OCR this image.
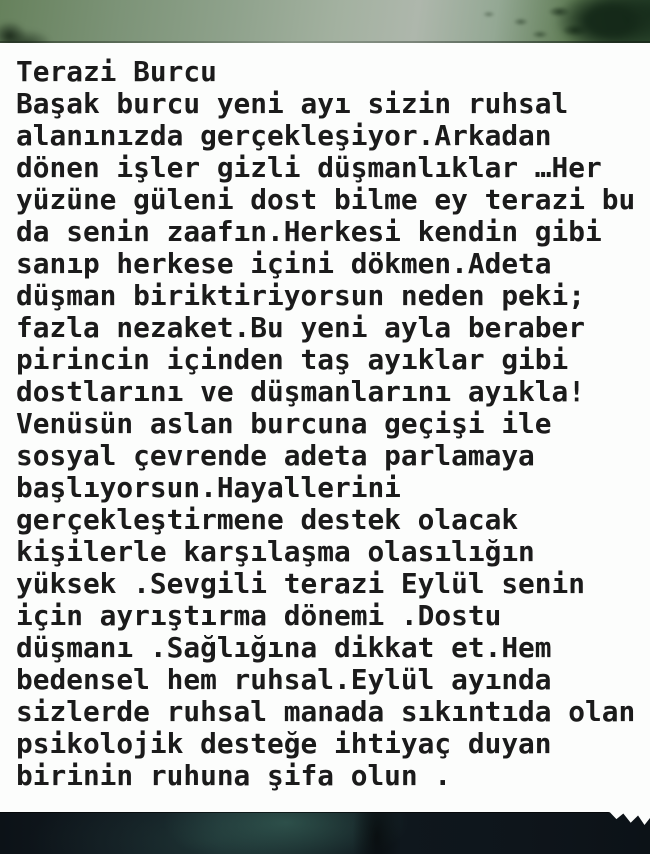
Terazi Burcu
Başak burcu yeni ayı sizin ruhsal
alanınızda gerçekleşiyor.Arkadan
dönen işler gizli düşmanlıklar …Her
yüzüne güleni dost bilme ey terazi bu
da senin zaafın.Herkesi kendin gibi
sanıp herkese içini dökmen.Adeta
düşman biriktiriyorsun neden peki;
fazla nezaket.Bu yeni ayla beraber
pirincin içinden taş ayıklar gibi
dostlarını ve düşmanlarını ayıkla!
Venüsün aslan burcuna geçişi ile
sosyal çevrende adeta parlamaya
başlıyorsun.Hayallerini
gerçekleştirmene destek olacak
kişilerle karşılaşma olasılığın
yüksek .Sevgili terazi Eylül senin
için ayrıştırma dönemi .Dostu
düşmanı .Sağlığına dikkat et.Hem
bedensel hem ruhsal.Eylül ayında
sizlerde ruhsal manada sıkıntıda olan
psikolojik desteğe ihtiyaç duyan
birinin ruhuna şifa olun .
